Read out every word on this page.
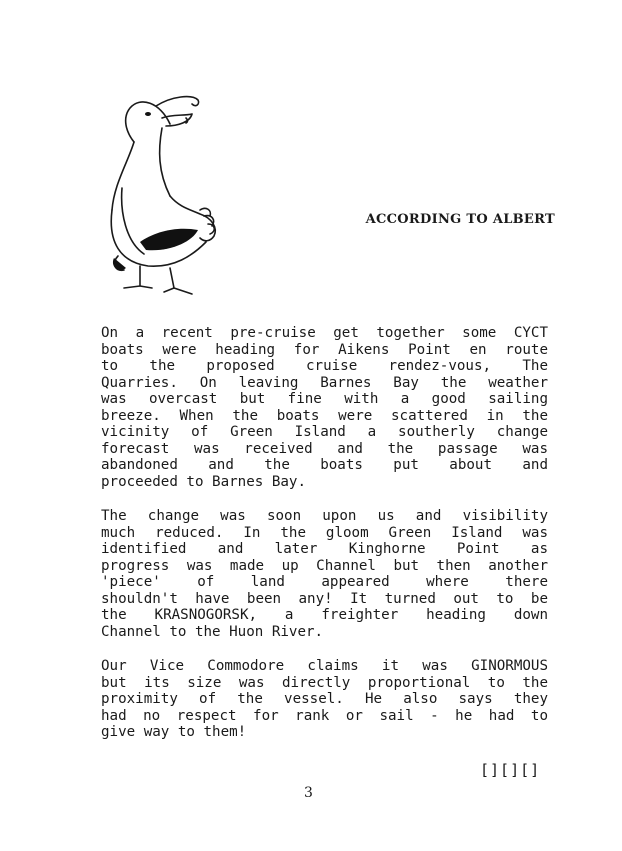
ACCORDING TO ALBERT
On a recent pre-cruise get together some CYCT
boats were heading for Aikens Point en route
to the proposed cruise rendez-vous, The
Quarries. On leaving Barnes Bay the weather
was overcast but fine with a good sailing
breeze. When the boats were scattered in the
vicinity of Green Island a southerly change
forecast was received and the passage was
abandoned and the boats put about and
proceeded to Barnes Bay.
The change was soon upon us and visibility
much reduced. In the gloom Green Island was
identified and later Kinghorne Point as
progress was made up Channel but then another
'piece' of land appeared where there
shouldn't have been any! It turned out to be
the KRASNOGORSK, a freighter heading down
Channel to the Huon River.
Our Vice Commodore claims it was GINORMOUS
but its size was directly proportional to the
proximity of the vessel. He also says they
had no respect for rank or sail - he had to
give way to them!
[][][]
3
